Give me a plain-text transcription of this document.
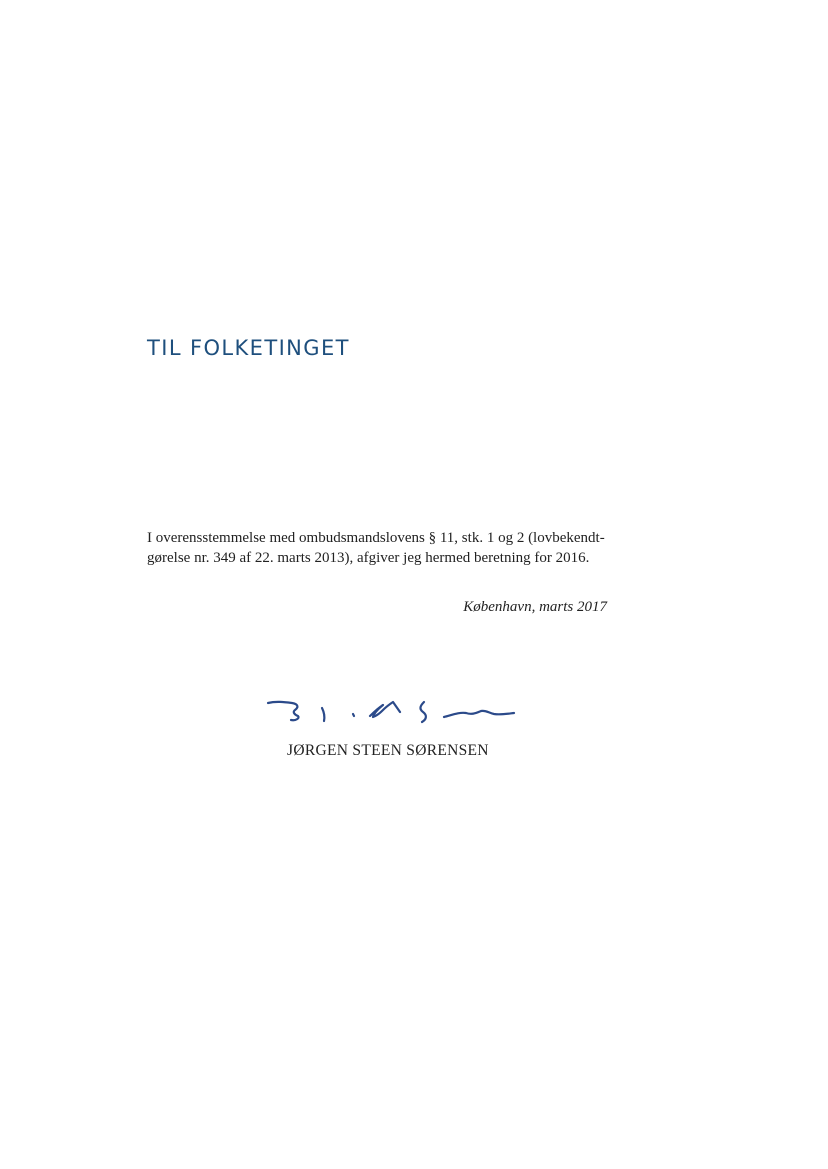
TIL FOLKETINGET

I overensstemmelse med ombudsmandslovens § 11, stk. 1 og 2 (lovbekendt-
gørelse nr. 349 af 22. marts 2013), afgiver jeg hermed beretning for 2016.

København, marts 2017

JØRGEN STEEN SØRENSEN
